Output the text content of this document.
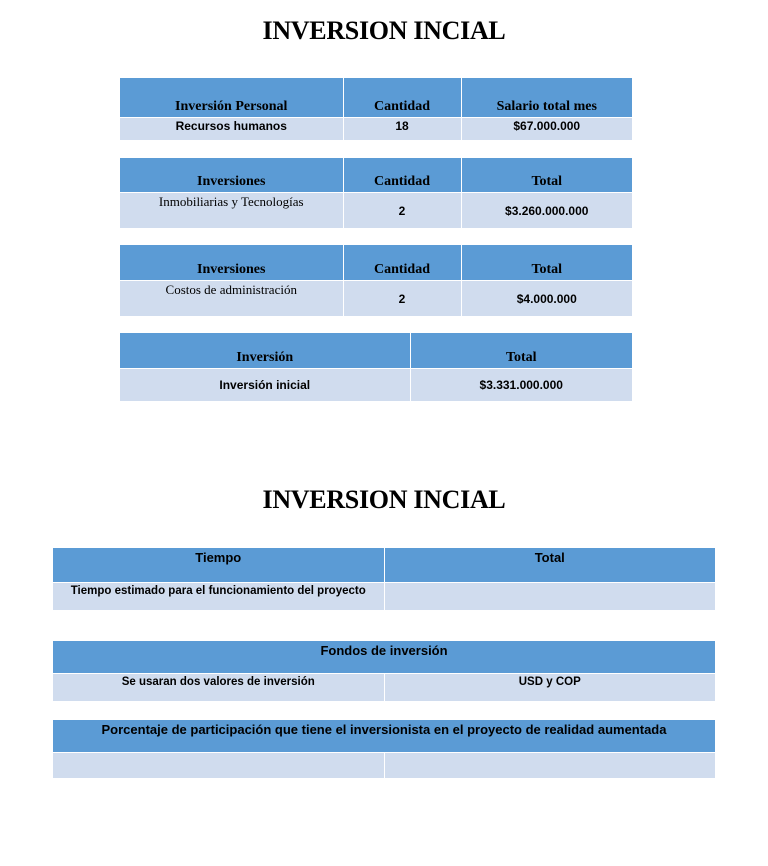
INVERSION INCIAL
Inversión Personal	Cantidad	Salario total mes
Recursos humanos	18	$67.000.000
Inversiones	Cantidad	Total
Inmobiliarias y Tecnologías	2	$3.260.000.000
Inversiones	Cantidad	Total
Costos de administración	2	$4.000.000
Inversión	Total
Inversión inicial	$3.331.000.000
INVERSION INCIAL
Tiempo	Total
Tiempo estimado para el funcionamiento del proyecto	
Fondos de inversión
Se usaran dos valores de inversión	USD y COP
Porcentaje de participación que tiene el inversionista en el proyecto de realidad aumentada
